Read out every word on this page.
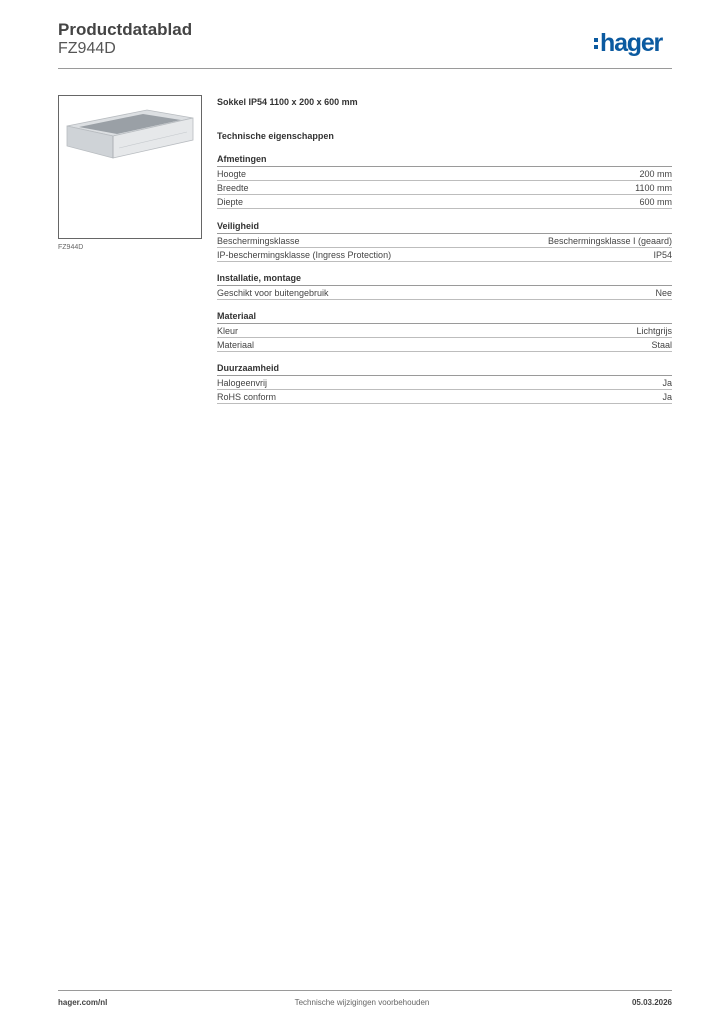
Productdatablad
FZ944D	hager
FZ944D
Sokkel IP54 1100 x 200 x 600 mm
Technische eigenschappen
Afmetingen
Hoogte	200 mm
Breedte	1100 mm
Diepte	600 mm
Veiligheid
Beschermingsklasse	Beschermingsklasse I (geaard)
IP-beschermingsklasse (Ingress Protection)	IP54
Installatie, montage
Geschikt voor buitengebruik	Nee
Materiaal
Kleur	Lichtgrijs
Materiaal	Staal
Duurzaamheid
Halogeenvrij	Ja
RoHS conform	Ja
hager.com/nl	Technische wijzigingen voorbehouden	05.03.2026
